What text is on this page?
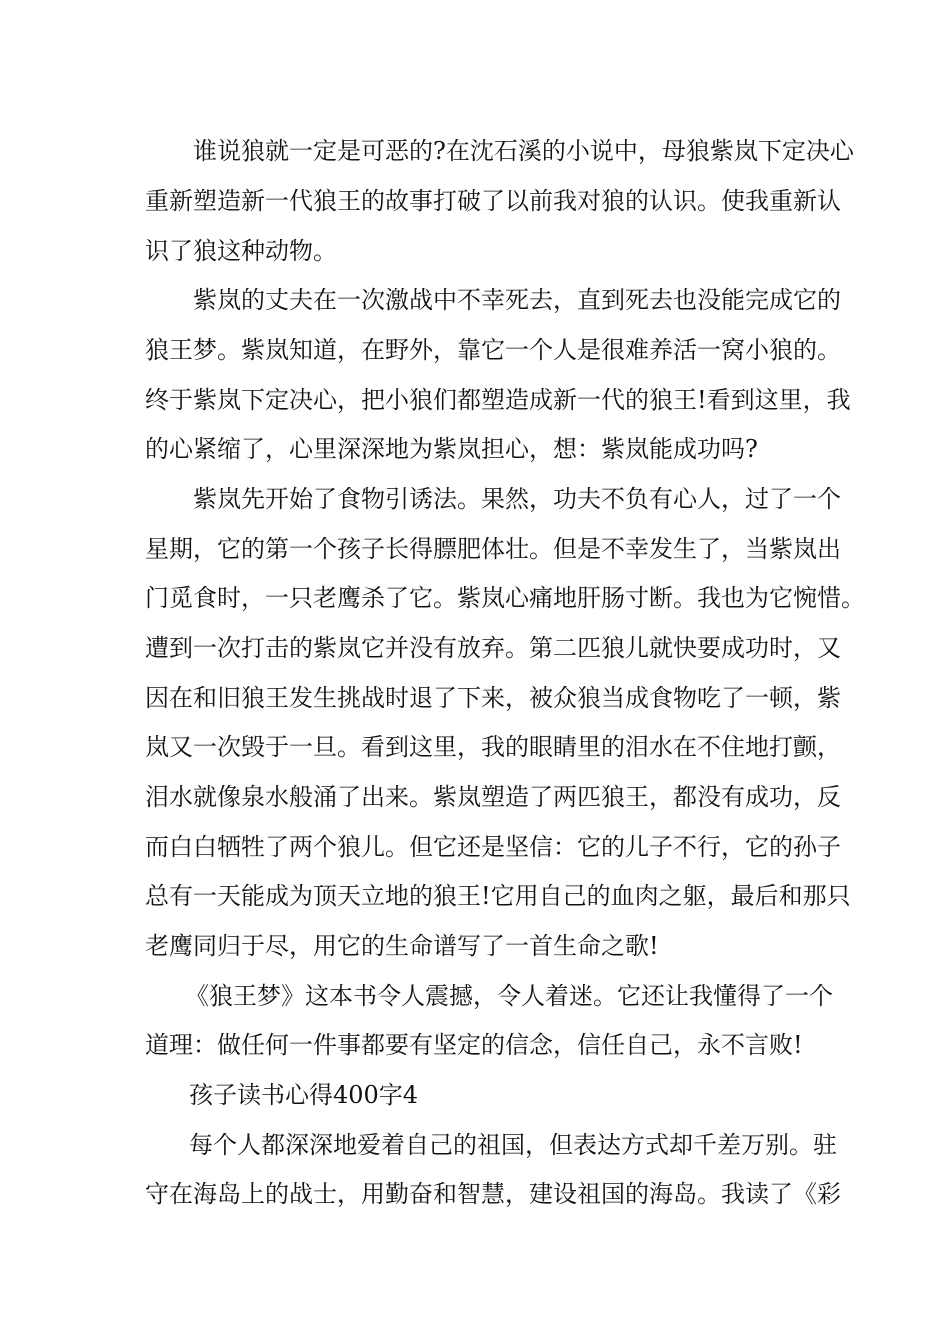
谁说狼就一定是可恶的?在沈石溪的小说中，母狼紫岚下定决心
重新塑造新一代狼王的故事打破了以前我对狼的认识。使我重新认
识了狼这种动物。
紫岚的丈夫在一次激战中不幸死去，直到死去也没能完成它的
狼王梦。紫岚知道，在野外，靠它一个人是很难养活一窝小狼的。
终于紫岚下定决心，把小狼们都塑造成新一代的狼王!看到这里，我
的心紧缩了，心里深深地为紫岚担心，想：紫岚能成功吗?
紫岚先开始了食物引诱法。果然，功夫不负有心人，过了一个
星期，它的第一个孩子长得膘肥体壮。但是不幸发生了，当紫岚出
门觅食时，一只老鹰杀了它。紫岚心痛地肝肠寸断。我也为它惋惜。
遭到一次打击的紫岚它并没有放弃。第二匹狼儿就快要成功时，又
因在和旧狼王发生挑战时退了下来，被众狼当成食物吃了一顿，紫
岚又一次毁于一旦。看到这里，我的眼睛里的泪水在不住地打颤，
泪水就像泉水般涌了出来。紫岚塑造了两匹狼王，都没有成功，反
而白白牺牲了两个狼儿。但它还是坚信：它的儿子不行，它的孙子
总有一天能成为顶天立地的狼王!它用自己的血肉之躯，最后和那只
老鹰同归于尽，用它的生命谱写了一首生命之歌!
《狼王梦》这本书令人震撼，令人着迷。它还让我懂得了一个
道理：做任何一件事都要有坚定的信念，信任自己，永不言败!
孩子读书心得400字4
每个人都深深地爱着自己的祖国，但表达方式却千差万别。驻
守在海岛上的战士，用勤奋和智慧，建设祖国的海岛。我读了《彩
